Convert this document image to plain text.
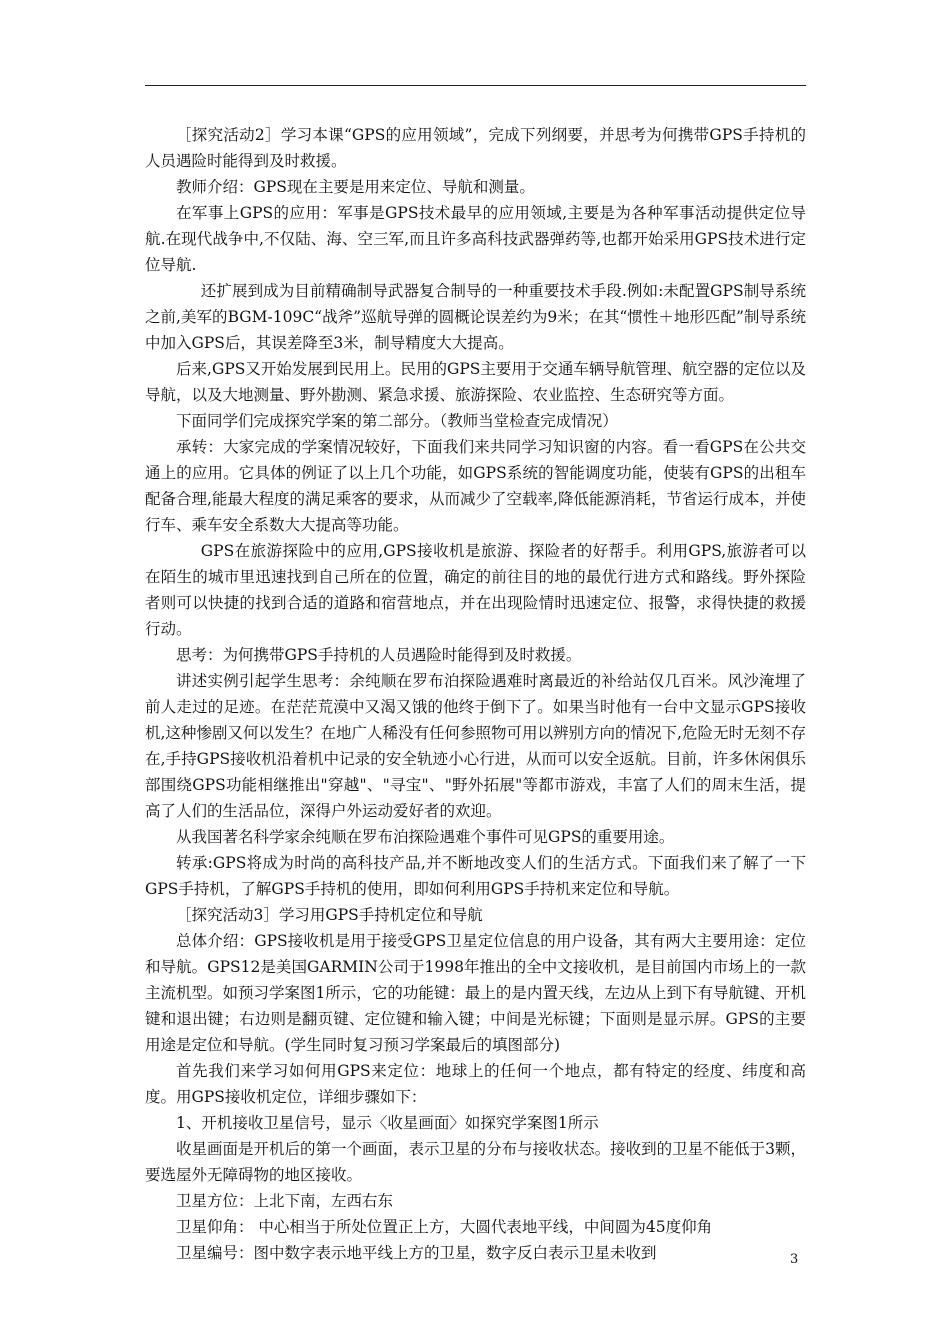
［探究活动2］学习本课“GPS的应用领域”，完成下列纲要，并思考为何携带GPS手持机的人员遇险时能得到及时救援。

教师介绍：GPS现在主要是用来定位、导航和测量。

在军事上GPS的应用：军事是GPS技术最早的应用领域,主要是为各种军事活动提供定位导航.在现代战争中,不仅陆、海、空三军,而且许多高科技武器弹药等,也都开始采用GPS技术进行定位导航.

还扩展到成为目前精确制导武器复合制导的一种重要技术手段.例如:未配置GPS制导系统之前,美军的BGM-109C“战斧”巡航导弹的圆概论误差约为9米；在其“惯性＋地形匹配”制导系统中加入GPS后，其误差降至3米，制导精度大大提高。

后来,GPS又开始发展到民用上。民用的GPS主要用于交通车辆导航管理、航空器的定位以及导航，以及大地测量、野外勘测、紧急求援、旅游探险、农业监控、生态研究等方面。

下面同学们完成探究学案的第二部分。（教师当堂检查完成情况）

承转：大家完成的学案情况较好，下面我们来共同学习知识窗的内容。看一看GPS在公共交通上的应用。它具体的例证了以上几个功能，如GPS系统的智能调度功能，使装有GPS的出租车配备合理,能最大程度的满足乘客的要求，从而减少了空载率,降低能源消耗，节省运行成本，并使行车、乘车安全系数大大提高等功能。

GPS在旅游探险中的应用,GPS接收机是旅游、探险者的好帮手。利用GPS,旅游者可以在陌生的城市里迅速找到自己所在的位置，确定的前往目的地的最优行进方式和路线。野外探险者则可以快捷的找到合适的道路和宿营地点，并在出现险情时迅速定位、报警，求得快捷的救援行动。

思考：为何携带GPS手持机的人员遇险时能得到及时救援。

讲述实例引起学生思考：余纯顺在罗布泊探险遇难时离最近的补给站仅几百米。风沙淹埋了前人走过的足迹。在茫茫荒漠中又渴又饿的他终于倒下了。如果当时他有一台中文显示GPS接收机,这种惨剧又何以发生？在地广人稀没有任何参照物可用以辨别方向的情况下,危险无时无刻不存在,手持GPS接收机沿着机中记录的安全轨迹小心行进，从而可以安全返航。目前，许多休闲俱乐部围绕GPS功能相继推出"穿越"、"寻宝"、"野外拓展"等都市游戏，丰富了人们的周末生活，提高了人们的生活品位，深得户外运动爱好者的欢迎。

从我国著名科学家余纯顺在罗布泊探险遇难个事件可见GPS的重要用途。

转承:GPS将成为时尚的高科技产品,并不断地改变人们的生活方式。下面我们来了解了一下GPS手持机，了解GPS手持机的使用，即如何利用GPS手持机来定位和导航。

［探究活动3］学习用GPS手持机定位和导航

总体介绍：GPS接收机是用于接受GPS卫星定位信息的用户设备，其有两大主要用途：定位和导航。GPS12是美国GARMIN公司于1998年推出的全中文接收机，是目前国内市场上的一款主流机型。如预习学案图1所示，它的功能键：最上的是内置天线，左边从上到下有导航键、开机键和退出键；右边则是翻页键、定位键和输入键；中间是光标键；下面则是显示屏。GPS的主要用途是定位和导航。(学生同时复习预习学案最后的填图部分)

首先我们来学习如何用GPS来定位：地球上的任何一个地点，都有特定的经度、纬度和高度。用GPS接收机定位，详细步骤如下：

1、开机接收卫星信号，显示〈收星画面〉如探究学案图1所示

收星画面是开机后的第一个画面，表示卫星的分布与接收状态。接收到的卫星不能低于3颗，要选屋外无障碍物的地区接收。

卫星方位：上北下南，左西右东

卫星仰角： 中心相当于所处位置正上方，大圆代表地平线，中间圆为45度仰角

卫星编号：图中数字表示地平线上方的卫星，数字反白表示卫星未收到	3
